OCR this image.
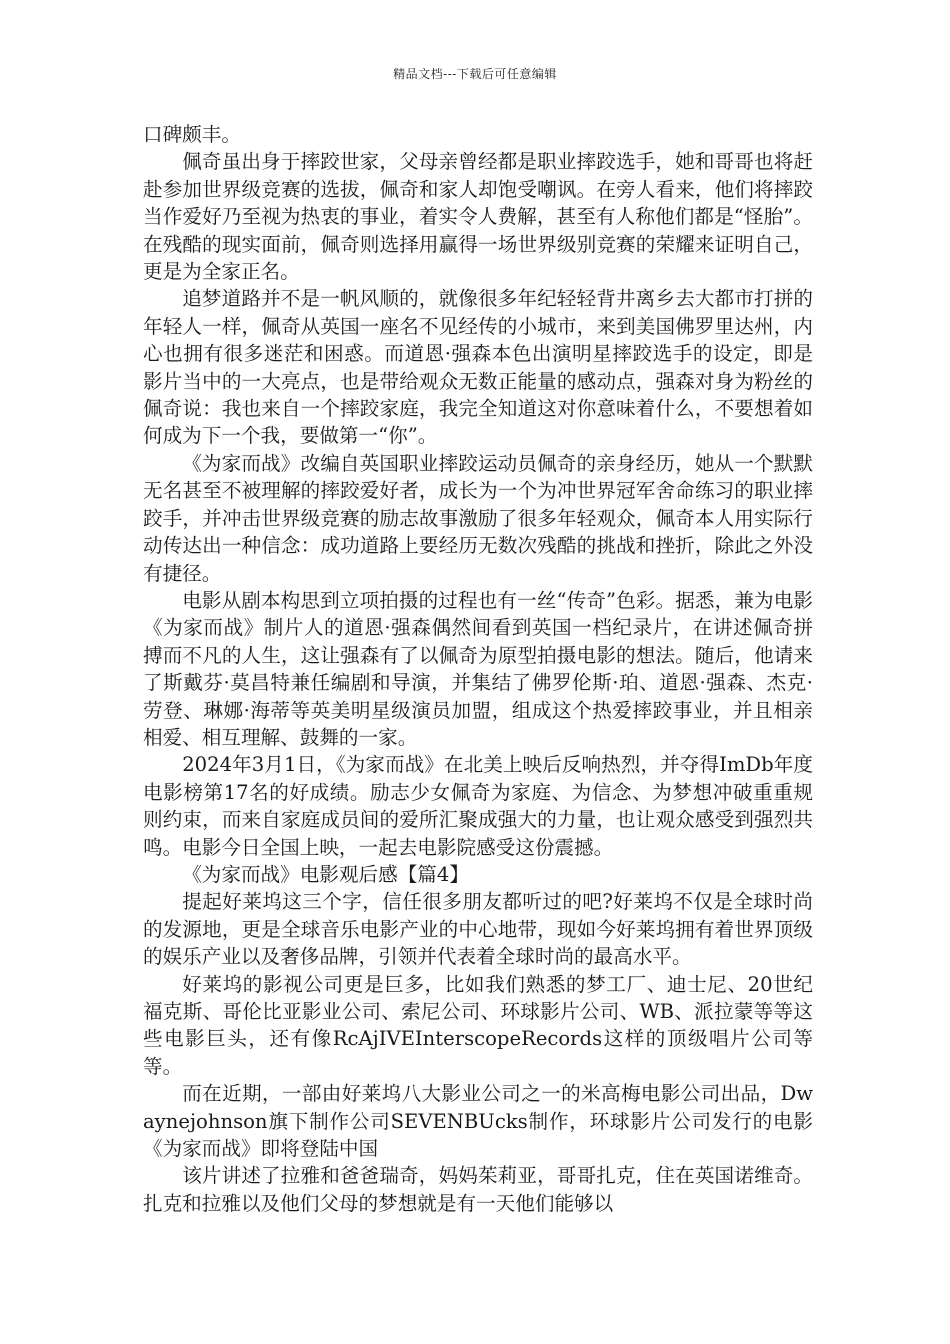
精品文档---下载后可任意编辑

口碑颇丰。

佩奇虽出身于摔跤世家，父母亲曾经都是职业摔跤选手，她和哥哥也将赶赴参加世界级竞赛的选拔，佩奇和家人却饱受嘲讽。在旁人看来，他们将摔跤当作爱好乃至视为热衷的事业，着实令人费解，甚至有人称他们都是“怪胎”。在残酷的现实面前，佩奇则选择用赢得一场世界级别竞赛的荣耀来证明自己，更是为全家正名。

追梦道路并不是一帆风顺的，就像很多年纪轻轻背井离乡去大都市打拼的年轻人一样，佩奇从英国一座名不见经传的小城市，来到美国佛罗里达州，内心也拥有很多迷茫和困惑。而道恩·强森本色出演明星摔跤选手的设定，即是影片当中的一大亮点，也是带给观众无数正能量的感动点，强森对身为粉丝的佩奇说：我也来自一个摔跤家庭，我完全知道这对你意味着什么，不要想着如何成为下一个我，要做第一“你”。

《为家而战》改编自英国职业摔跤运动员佩奇的亲身经历，她从一个默默无名甚至不被理解的摔跤爱好者，成长为一个为冲世界冠军舍命练习的职业摔跤手，并冲击世界级竞赛的励志故事激励了很多年轻观众，佩奇本人用实际行动传达出一种信念：成功道路上要经历无数次残酷的挑战和挫折，除此之外没有捷径。

电影从剧本构思到立项拍摄的过程也有一丝“传奇”色彩。据悉，兼为电影《为家而战》制片人的道恩·强森偶然间看到英国一档纪录片，在讲述佩奇拼搏而不凡的人生，这让强森有了以佩奇为原型拍摄电影的想法。随后，他请来了斯戴芬·莫昌特兼任编剧和导演，并集结了佛罗伦斯·珀、道恩·强森、杰克·劳登、琳娜·海蒂等英美明星级演员加盟，组成这个热爱摔跤事业，并且相亲相爱、相互理解、鼓舞的一家。

2024年3月1日，《为家而战》在北美上映后反响热烈，并夺得ImDb年度电影榜第17名的好成绩。励志少女佩奇为家庭、为信念、为梦想冲破重重规则约束，而来自家庭成员间的爱所汇聚成强大的力量，也让观众感受到强烈共鸣。电影今日全国上映，一起去电影院感受这份震撼。

《为家而战》电影观后感【篇4】

提起好莱坞这三个字，信任很多朋友都听过的吧?好莱坞不仅是全球时尚的发源地，更是全球音乐电影产业的中心地带，现如今好莱坞拥有着世界顶级的娱乐产业以及奢侈品牌，引领并代表着全球时尚的最高水平。

好莱坞的影视公司更是巨多，比如我们熟悉的梦工厂、迪士尼、20世纪福克斯、哥伦比亚影业公司、索尼公司、环球影片公司、WB、派拉蒙等等这些电影巨头，还有像RcAjIVEInterscopeRecords这样的顶级唱片公司等等。

而在近期，一部由好莱坞八大影业公司之一的米高梅电影公司出品，Dwaynejohnson旗下制作公司SEVENBUcks制作，环球影片公司发行的电影《为家而战》即将登陆中国

该片讲述了拉雅和爸爸瑞奇，妈妈茱莉亚，哥哥扎克，住在英国诺维奇。扎克和拉雅以及他们父母的梦想就是有一天他们能够以
